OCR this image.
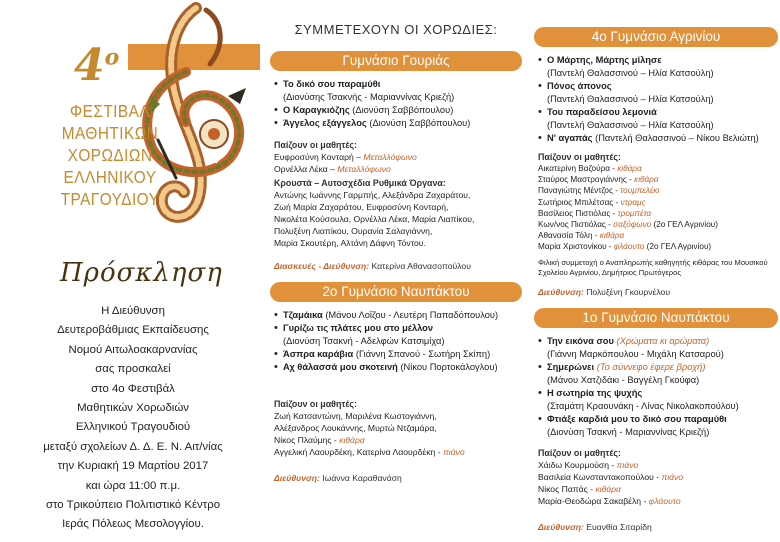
$4^o$
ΦΕΣΤΙΒΑΛ
ΜΑΘΗΤΙΚΩΝ
ΧΟΡΩΔΙΩΝ
ΕΛΛΗΝΙΚΟΥ
ΤΡΑΓΟΥΔΙΟΥ
Πρόσκληση
Η Διεύθυνση
Δευτεροβάθμιας Εκπαίδευσης
Νομού Αιτωλοακαρνανίας
σας προσκαλεί
στο 4ο Φεστιβάλ
Μαθητικών Χορωδιών
Ελληνικού Τραγουδιού
μεταξύ σχολείων Δ. Δ. Ε. Ν. Αιτ/νίας
την Κυριακή 19 Μαρτίου 2017
και ώρα 11:00 π.μ.
στο Τρικούπειο Πολιτιστικό Κέντρο
Ιεράς Πόλεως Μεσολογγίου.
ΣΥΜΜΕΤΕΧΟΥΝ ΟΙ ΧΟΡΩΔΙΕΣ:
Γυμνάσιο Γουριάς
• Το δικό σου παραμύθι
(Διονύσης Τσακνής - Μαριαννίνας Κριεζή)
• Ο Καραγκιόζης (Διονύση Σαββόπουλου)
• Άγγελος εξάγγελος (Διονύση Σαββόπουλου)
Παίζουν οι μαθητές:
Ευφροσύνη Κονταρή – Μεταλλόφωνο
Ορνέλλα Λέκα – Μεταλλόφωνο
Κρουστά – Αυτοσχέδια Ρυθμικά Όργανα:
Αντώνης Ιωάννης Γαρμπής, Αλεξάνδρα Ζαχαράτου,
Ζωή Μαρία Ζαχαράτου, Ευφροσύνη Κονταρή,
Νικολέτα Κούσουλα, Ορνέλλα Λέκα, Μαρία Λιαπίκου,
Πολυξένη Λιαπίκου, Ουρανία Σαλαγιάννη,
Μαρία Σκουτέρη, Αλτάνη Δάφνη Τόντου.
Διασκευές - Διεύθυνση: Κατερίνα Αθανασοπούλου
2ο Γυμνάσιο Ναυπάκτου
• Τζαμάικα (Μάνου Λοΐζου - Λευτέρη Παπαδόπουλου)
• Γυρίζω τις πλάτες μου στο μέλλον
(Διονύση Τσακνή - Αδελφών Κατσιμίχα)
• Άσπρα καράβια (Γιάννη Σπανού - Σωτήρη Σκίπη)
• Αχ θάλασσά μου σκοτεινή (Νίκου Πορτοκάλογλου)
Παίζουν οι μαθητές:
Ζωή Κατσαντώνη, Μαριλένα Κωστογιάννη,
Αλέξανδρος Λουκάννης, Μυρτώ Ντζαμάρα,
Νίκος Πλαύμης - κιθάρα
Αγγελική Λαουρδέκη, Κατερίνα Λαουρδέκη - πιάνο
Διεύθυνση: Ιωάννα Καραθανάση
4ο Γυμνάσιο Αγρινίου
• Ο Μάρτης, Μάρτης μίλησε
(Παντελή Θαλασσινού – Ηλία Κατσούλη)
• Πόνος άπονος
(Παντελή Θαλασσινού – Ηλία Κατσούλη)
• Του παραδείσου λεμονιά
(Παντελή Θαλασσινού – Ηλία Κατσούλη)
• Ν' αγαπάς (Παντελή Θαλασσινού – Νίκου Βελιώτη)
Παίζουν οι μαθητές:
Αικατερίνη Βαζούρα - κιθάρα
Σταύρος Μαστρογιάννης - κιθάρα
Παναγιώτης Μέντζος - τουμπελέκι
Σωτήριος Μπιλέτσας - ντραμς
Βασίλειος Πιστιόλας - τρομπέτα
Κων/νος Πιστιόλας - σαξόφωνο (2ο ΓΕΛ Αγρινίου)
Αθανασία Τόλη - κιθάρα
Μαρία Χριστονίκου - φλάουτο (2ο ΓΕΛ Αγρινίου)
Φιλική συμμετοχή ο Αναπληρωτής καθηγητής κιθάρας του Μουσικού Σχολείου Αγρινίου, Δημήτριος Πρωτόγερος
Διεύθυνση: Πολυξένη Γκουρνέλου
1ο Γυμνάσιο Ναυπάκτου
• Την εικόνα σου (Χρώματα κι αρώματα)
(Γιάννη Μαρκόπουλου - Μιχάλη Κατσαρού)
• Σημερώνει (Το σύννεφο έφερε βροχή)
(Μάνου Χατζιδάκι - Βαγγέλη Γκούφα)
• Η σωτηρία της ψυχής
(Σταμάτη Κραουνάκη - Λίνας Νικολακοπούλου)
• Φτιάξε καρδιά μου το δικό σου παραμύθι
(Διονύση Τσακνή - Μαριαννίνας Κριεζή)
Παίζουν οι μαθητές:
Χάιδω Κουρμούση - πιάνο
Βασιλεία Κωνσταντακοπούλου - πιάνο
Νίκος Παπάς - κιθάρα
Μαρία-Θεοδώρα Σακαβέλη - φλάουτο
Διεύθυνση: Ευανθία Σιταρίδη
